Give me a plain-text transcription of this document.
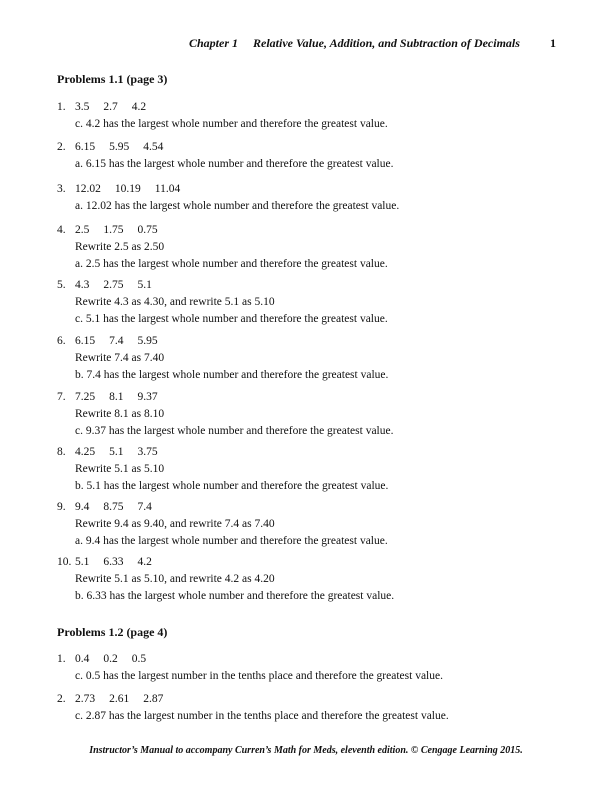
Chapter 1 Relative Value, Addition, and Subtraction of Decimals	1
Problems 1.1 (page 3)
Problems 1.2 (page 4)
1. 3.5 2.7 4.2
c. 4.2 has the largest whole number and therefore the greatest value.
2. 6.15 5.95 4.54
a. 6.15 has the largest whole number and therefore the greatest value.
3. 12.02 10.19 11.04
a. 12.02 has the largest whole number and therefore the greatest value.
4. 2.5 1.75 0.75
Rewrite 2.5 as 2.50
a. 2.5 has the largest whole number and therefore the greatest value.
5. 4.3 2.75 5.1
Rewrite 4.3 as 4.30, and rewrite 5.1 as 5.10
c. 5.1 has the largest whole number and therefore the greatest value.
6. 6.15 7.4 5.95
Rewrite 7.4 as 7.40
b. 7.4 has the largest whole number and therefore the greatest value.
7. 7.25 8.1 9.37
Rewrite 8.1 as 8.10
c. 9.37 has the largest whole number and therefore the greatest value.
8. 4.25 5.1 3.75
Rewrite 5.1 as 5.10
b. 5.1 has the largest whole number and therefore the greatest value.
9. 9.4 8.75 7.4
Rewrite 9.4 as 9.40, and rewrite 7.4 as 7.40
a. 9.4 has the largest whole number and therefore the greatest value.
10. 5.1 6.33 4.2
Rewrite 5.1 as 5.10, and rewrite 4.2 as 4.20
b. 6.33 has the largest whole number and therefore the greatest value.
1. 0.4 0.2 0.5
c. 0.5 has the largest number in the tenths place and therefore the greatest value.
2. 2.73 2.61 2.87
c. 2.87 has the largest number in the tenths place and therefore the greatest value.
Instructor’s Manual to accompany Curren’s Math for Meds, eleventh edition. © Cengage Learning 2015.
